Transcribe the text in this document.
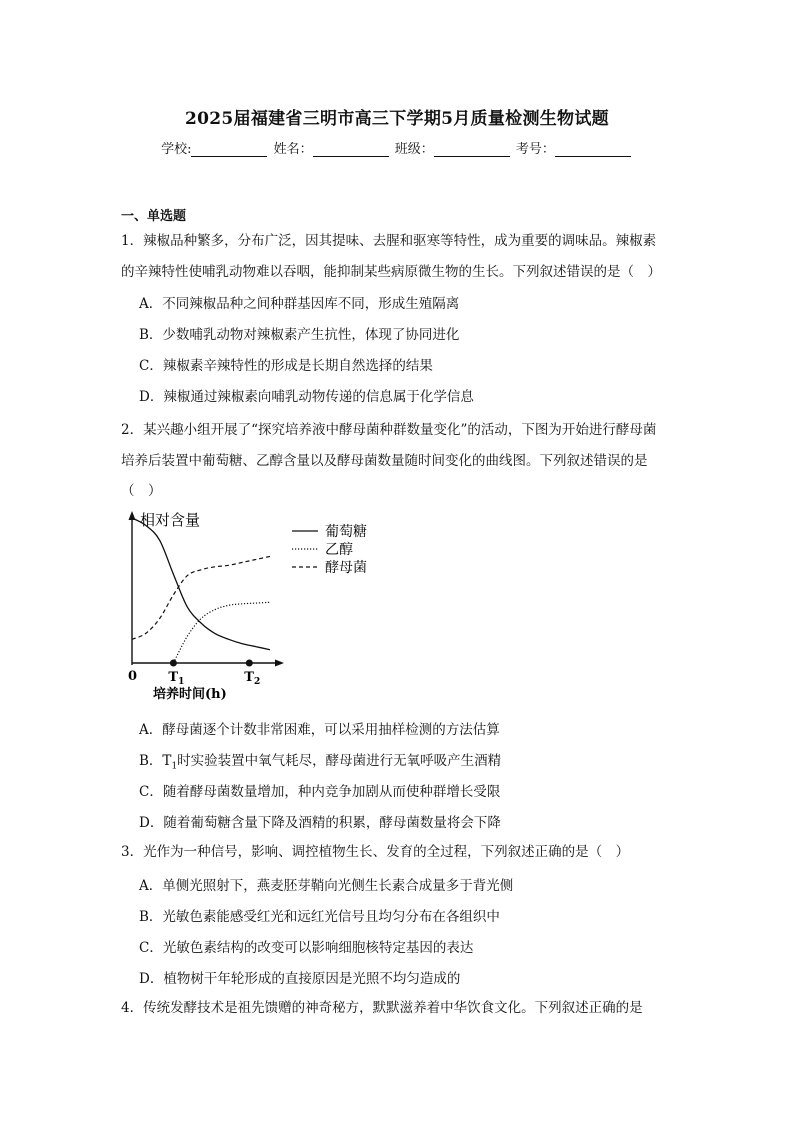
2025届福建省三明市高三下学期5月质量检测生物试题
学校:	姓名：	班级：	考号：
一、单选题
1．辣椒品种繁多，分布广泛，因其提味、去腥和驱寒等特性，成为重要的调味品。辣椒素
的辛辣特性使哺乳动物难以吞咽，能抑制某些病原微生物的生长。下列叙述错误的是（　）
A．不同辣椒品种之间种群基因库不同，形成生殖隔离
B．少数哺乳动物对辣椒素产生抗性，体现了协同进化
C．辣椒素辛辣特性的形成是长期自然选择的结果
D．辣椒通过辣椒素向哺乳动物传递的信息属于化学信息
2．某兴趣小组开展了“探究培养液中酵母菌种群数量变化”的活动，下图为开始进行酵母菌
培养后装置中葡萄糖、乙醇含量以及酵母菌数量随时间变化的曲线图。下列叙述错误的是
（　）
相对含量
0
培养时间(h)
$T_1$	$T_2$
葡萄糖
乙醇
酵母菌
A．酵母菌逐个计数非常困难，可以采用抽样检测的方法估算
B．$T_1$时实验装置中氧气耗尽，酵母菌进行无氧呼吸产生酒精
C．随着酵母菌数量增加，种内竞争加剧从而使种群增长受限
D．随着葡萄糖含量下降及酒精的积累，酵母菌数量将会下降
3．光作为一种信号，影响、调控植物生长、发育的全过程，下列叙述正确的是（　）
A．单侧光照射下，燕麦胚芽鞘向光侧生长素合成量多于背光侧
B．光敏色素能感受红光和远红光信号且均匀分布在各组织中
C．光敏色素结构的改变可以影响细胞核特定基因的表达
D．植物树干年轮形成的直接原因是光照不均匀造成的
4．传统发酵技术是祖先馈赠的神奇秘方，默默滋养着中华饮食文化。下列叙述正确的是
